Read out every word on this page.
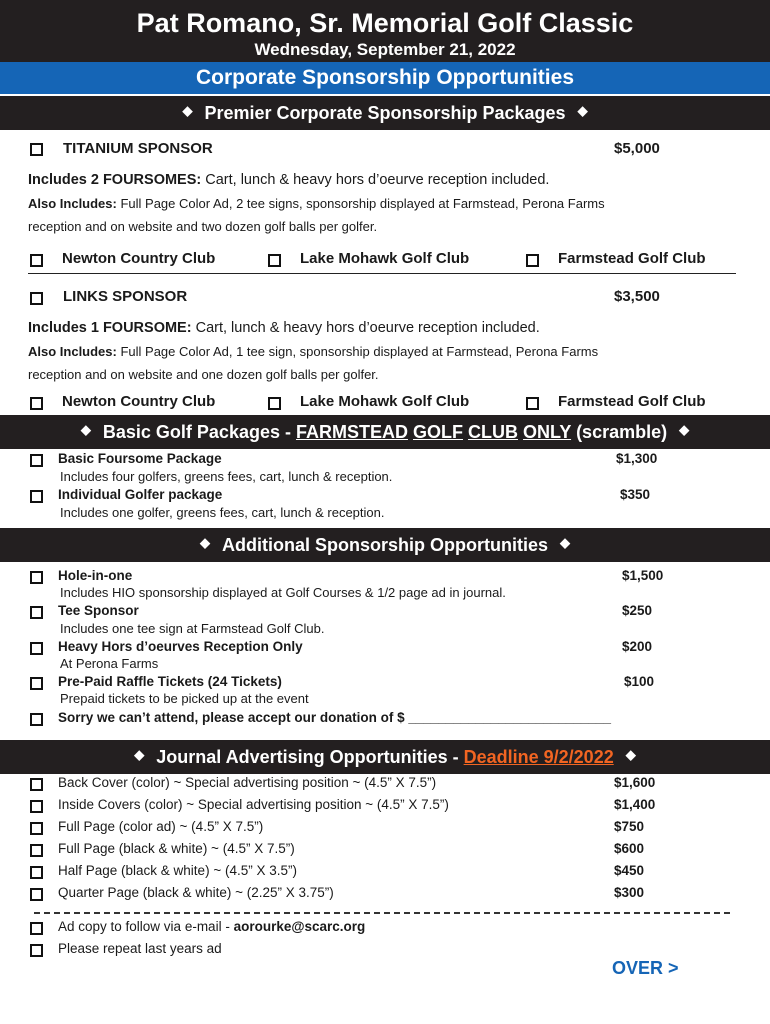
Pat Romano, Sr. Memorial Golf Classic
Wednesday, September 21, 2022
Corporate Sponsorship Opportunities
◆ Premier Corporate Sponsorship Packages ◆
TITANIUM SPONSOR	$5,000
Includes 2 FOURSOMES: Cart, lunch & heavy hors d’oeurve reception included.
Also Includes: Full Page Color Ad, 2 tee signs, sponsorship displayed at Farmstead, Perona Farms
reception and on website and two dozen golf balls per golfer.
Newton Country Club	Lake Mohawk Golf Club	Farmstead Golf Club
LINKS SPONSOR	$3,500
Includes 1 FOURSOME: Cart, lunch & heavy hors d’oeurve reception included.
Also Includes: Full Page Color Ad, 1 tee sign, sponsorship displayed at Farmstead, Perona Farms
reception and on website and one dozen golf balls per golfer.
Newton Country Club	Lake Mohawk Golf Club	Farmstead Golf Club
◆ Basic Golf Packages - FARMSTEAD GOLF CLUB ONLY (scramble) ◆
Basic Foursome Package	$1,300
Includes four golfers, greens fees, cart, lunch & reception.
Individual Golfer package	$350
Includes one golfer, greens fees, cart, lunch & reception.
◆ Additional Sponsorship Opportunities ◆
Hole-in-one	$1,500
Includes HIO sponsorship displayed at Golf Courses & 1/2 page ad in journal.
Tee Sponsor	$250
Includes one tee sign at Farmstead Golf Club.
Heavy Hors d’oeurves Reception Only	$200
At Perona Farms
Pre-Paid Raffle Tickets (24 Tickets)	$100
Prepaid tickets to be picked up at the event
Sorry we can’t attend, please accept our donation of $ ___________________________
◆ Journal Advertising Opportunities - Deadline 9/2/2022 ◆
Back Cover (color) ~ Special advertising position ~ (4.5” X 7.5”)	$1,600
Inside Covers (color) ~ Special advertising position ~ (4.5” X 7.5”)	$1,400
Full Page (color ad) ~ (4.5” X 7.5”)	$750
Full Page (black & white) ~ (4.5” X 7.5”)	$600
Half Page (black & white) ~ (4.5” X 3.5”)	$450
Quarter Page (black & white) ~ (2.25” X 3.75”)	$300
Ad copy to follow via e-mail - aorourke@scarc.org
Please repeat last years ad
OVER >
